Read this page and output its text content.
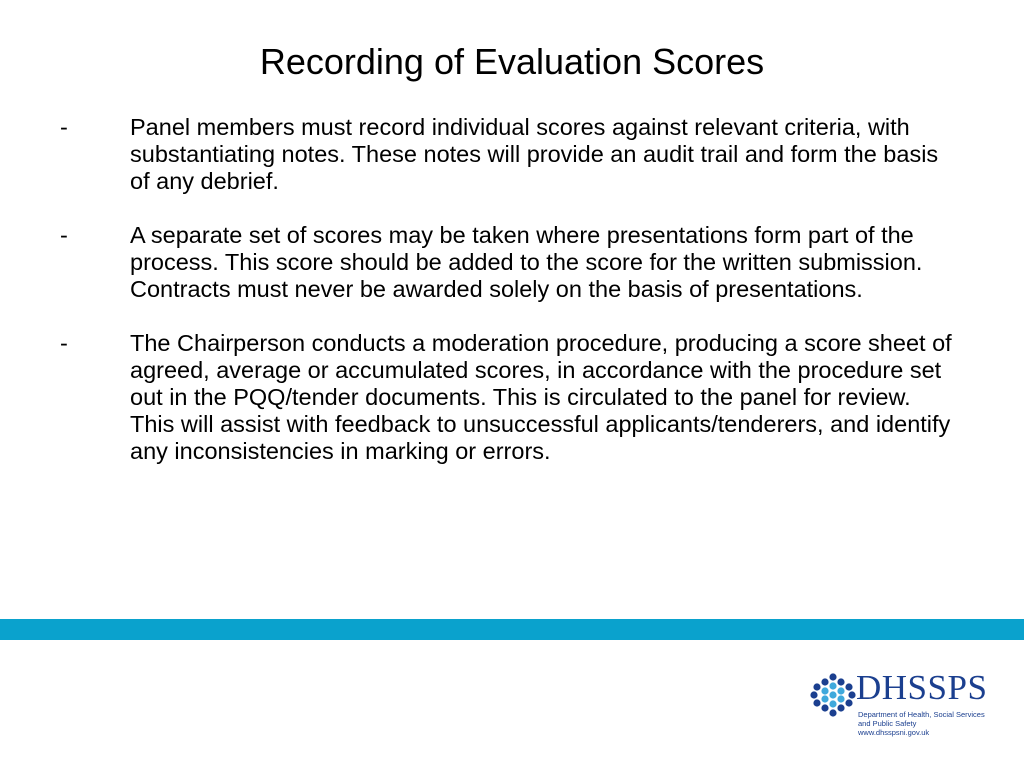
Recording of Evaluation Scores
-	Panel members must record individual scores against relevant criteria, with substantiating notes. These notes will provide an audit trail and form the basis of any debrief.
-	A separate set of scores may be taken where presentations form part of the process. This score should be added to the score for the written submission. Contracts must never be awarded solely on the basis of presentations.
-	The Chairperson conducts a moderation procedure, producing a score sheet of agreed, average or accumulated scores, in accordance with the procedure set out in the PQQ/tender documents. This is circulated to the panel for review. This will assist with feedback to unsuccessful applicants/tenderers, and identify any inconsistencies in marking or errors.
DHSSPS
Department of Health, Social Services
and Public Safety
www.dhsspsni.gov.uk
